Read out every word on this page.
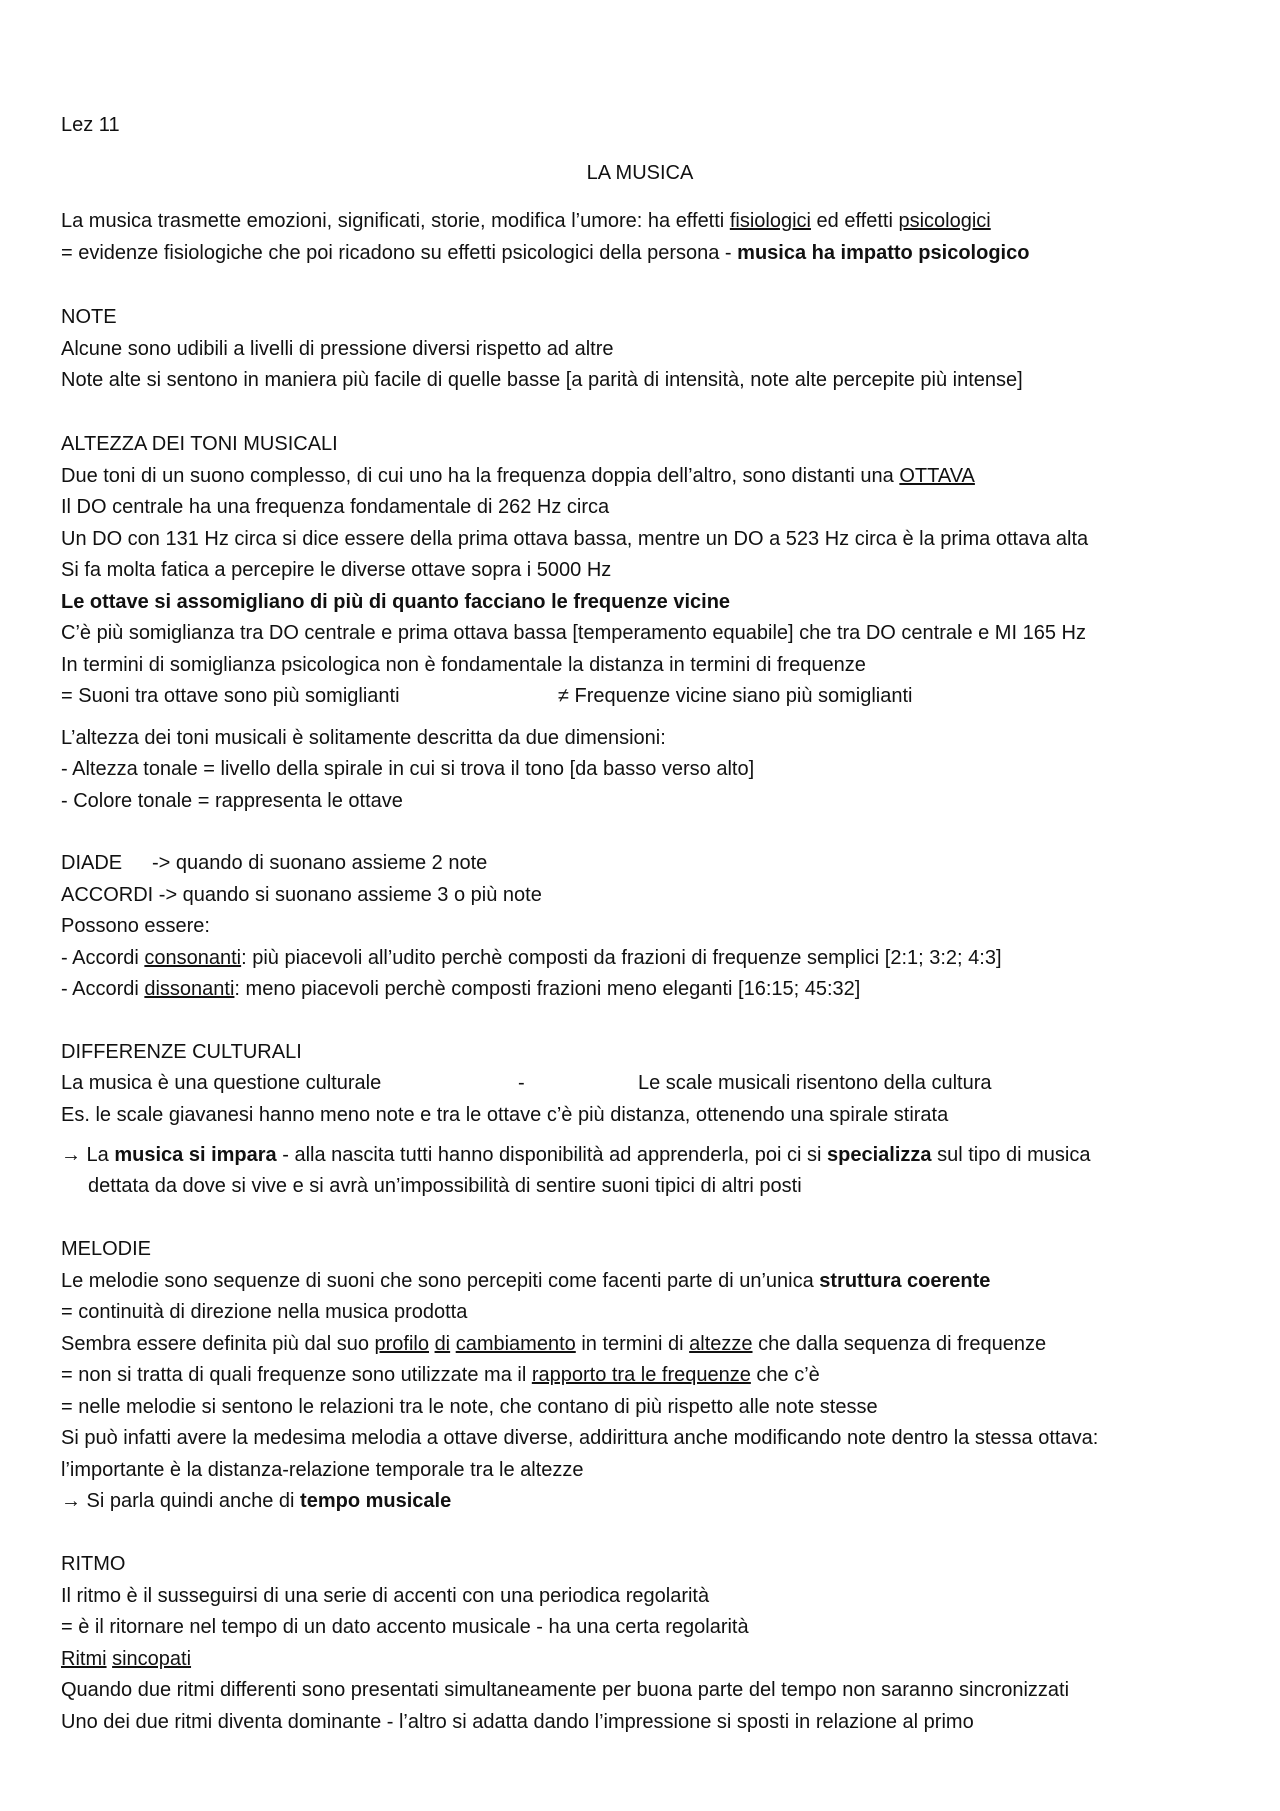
Lez 11
LA MUSICA
La musica trasmette emozioni, significati, storie, modifica l’umore: ha effetti fisiologici ed effetti psicologici
= evidenze fisiologiche che poi ricadono su effetti psicologici della persona - musica ha impatto psicologico
NOTE
Alcune sono udibili a livelli di pressione diversi rispetto ad altre
Note alte si sentono in maniera più facile di quelle basse [a parità di intensità, note alte percepite più intense]
ALTEZZA DEI TONI MUSICALI
Due toni di un suono complesso, di cui uno ha la frequenza doppia dell’altro, sono distanti una OTTAVA
Il DO centrale ha una frequenza fondamentale di 262 Hz circa
Un DO con 131 Hz circa si dice essere della prima ottava bassa, mentre un DO a 523 Hz circa è la prima ottava alta
Si fa molta fatica a percepire le diverse ottave sopra i 5000 Hz
Le ottave si assomigliano di più di quanto facciano le frequenze vicine
C’è più somiglianza tra DO centrale e prima ottava bassa [temperamento equabile] che tra DO centrale e MI 165 Hz
In termini di somiglianza psicologica non è fondamentale la distanza in termini di frequenze
= Suoni tra ottave sono più somiglianti	≠ Frequenze vicine siano più somiglianti
L’altezza dei toni musicali è solitamente descritta da due dimensioni:
- Altezza tonale = livello della spirale in cui si trova il tono [da basso verso alto]
- Colore tonale = rappresenta le ottave
DIADE -> quando di suonano assieme 2 note
ACCORDI -> quando si suonano assieme 3 o più note
Possono essere:
- Accordi consonanti: più piacevoli all’udito perchè composti da frazioni di frequenze semplici [2:1; 3:2; 4:3]
- Accordi dissonanti: meno piacevoli perchè composti frazioni meno eleganti [16:15; 45:32]
DIFFERENZE CULTURALI
La musica è una questione culturale	-	Le scale musicali risentono della cultura
Es. le scale giavanesi hanno meno note e tra le ottave c’è più distanza, ottenendo una spirale stirata
→ La musica si impara - alla nascita tutti hanno disponibilità ad apprenderla, poi ci si specializza sul tipo di musica
dettata da dove si vive e si avrà un’impossibilità di sentire suoni tipici di altri posti
MELODIE
Le melodie sono sequenze di suoni che sono percepiti come facenti parte di un’unica struttura coerente
= continuità di direzione nella musica prodotta
Sembra essere definita più dal suo profilo di cambiamento in termini di altezze che dalla sequenza di frequenze
= non si tratta di quali frequenze sono utilizzate ma il rapporto tra le frequenze che c’è
= nelle melodie si sentono le relazioni tra le note, che contano di più rispetto alle note stesse
Si può infatti avere la medesima melodia a ottave diverse, addirittura anche modificando note dentro la stessa ottava:
l’importante è la distanza-relazione temporale tra le altezze
→ Si parla quindi anche di tempo musicale
RITMO
Il ritmo è il susseguirsi di una serie di accenti con una periodica regolarità
= è il ritornare nel tempo di un dato accento musicale - ha una certa regolarità
Ritmi sincopati
Quando due ritmi differenti sono presentati simultaneamente per buona parte del tempo non saranno sincronizzati
Uno dei due ritmi diventa dominante - l’altro si adatta dando l’impressione si sposti in relazione al primo
